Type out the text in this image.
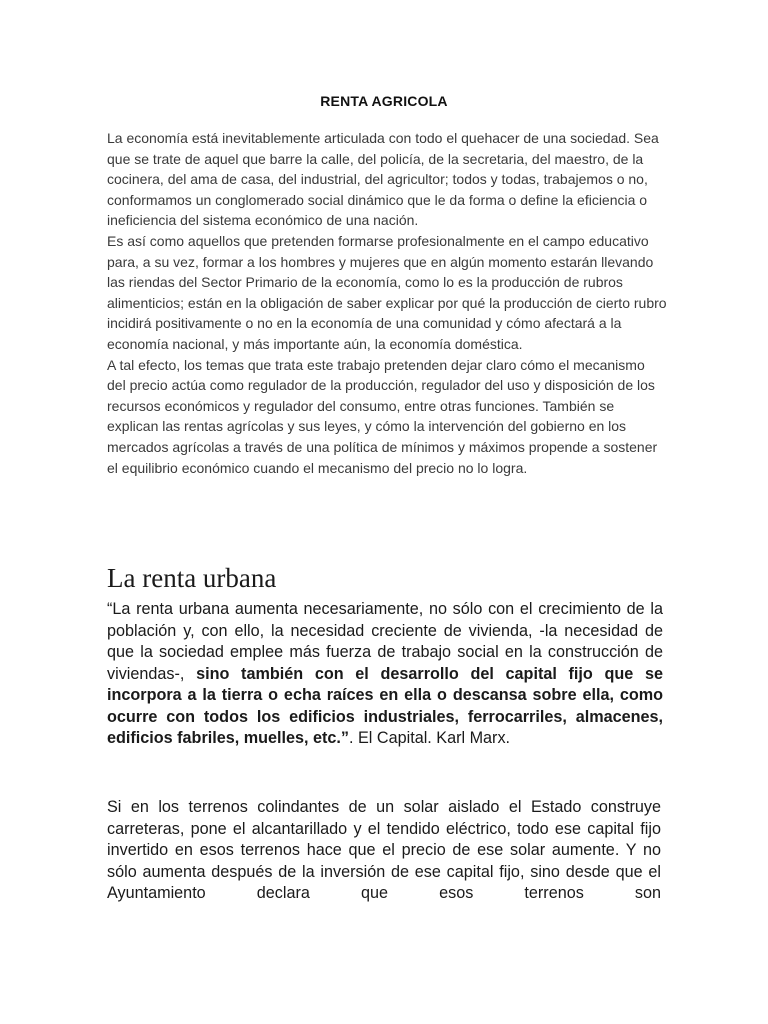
RENTA AGRICOLA

La economía está inevitablemente articulada con todo el quehacer de una sociedad. Sea que se trate de aquel que barre la calle, del policía, de la secretaria, del maestro, de la cocinera, del ama de casa, del industrial, del agricultor; todos y todas, trabajemos o no, conformamos un conglomerado social dinámico que le da forma o define la eficiencia o ineficiencia del sistema económico de una nación.

Es así como aquellos que pretenden formarse profesionalmente en el campo educativo para, a su vez, formar a los hombres y mujeres que en algún momento estarán llevando las riendas del Sector Primario de la economía, como lo es la producción de rubros alimenticios; están en la obligación de saber explicar por qué la producción de cierto rubro incidirá positivamente o no en la economía de una comunidad y cómo afectará a la economía nacional, y más importante aún, la economía doméstica.

A tal efecto, los temas que trata este trabajo pretenden dejar claro cómo el mecanismo del precio actúa como regulador de la producción, regulador del uso y disposición de los recursos económicos y regulador del consumo, entre otras funciones. También se explican las rentas agrícolas y sus leyes, y cómo la intervención del gobierno en los mercados agrícolas a través de una política de mínimos y máximos propende a sostener el equilibrio económico cuando el mecanismo del precio no lo logra.

La renta urbana
“La renta urbana aumenta necesariamente, no sólo con el crecimiento de la población y, con ello, la necesidad creciente de vivienda, -la necesidad de que la sociedad emplee más fuerza de trabajo social en la construcción de viviendas-, sino también con el desarrollo del capital fijo que se incorpora a la tierra o echa raíces en ella o descansa sobre ella, como ocurre con todos los edificios industriales, ferrocarriles, almacenes, edificios fabriles, muelles, etc.”. El Capital. Karl Marx.
Si en los terrenos colindantes de un solar aislado el Estado construye carreteras, pone el alcantarillado y el tendido eléctrico, todo ese capital fijo invertido en esos terrenos hace que el precio de ese solar aumente. Y no sólo aumenta después de la inversión de ese capital fijo, sino desde que el Ayuntamiento declara que esos terrenos son
